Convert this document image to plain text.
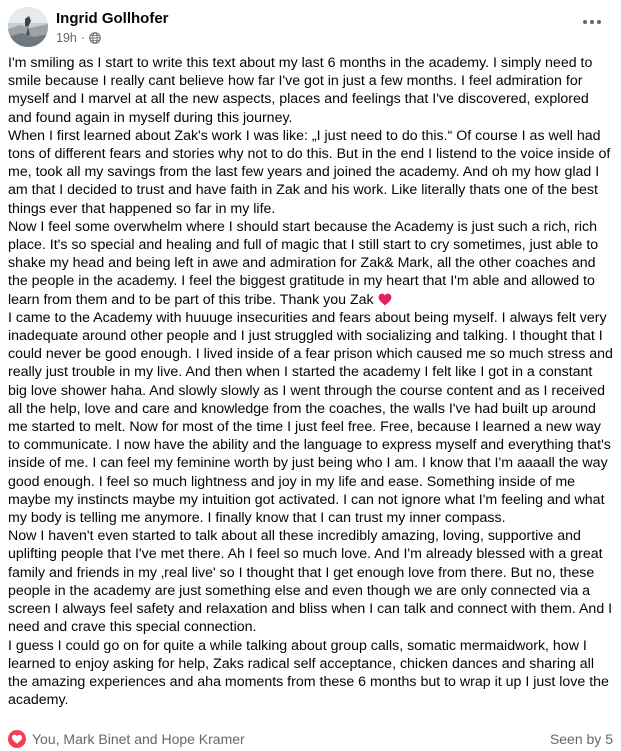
Ingrid Gollhofer
19h ·

I'm smiling as I start to write this text about my last 6 months in the academy. I simply need to smile because I really cant believe how far I've got in just a few months. I feel admiration for myself and I marvel at all the new aspects, places and feelings that I've discovered, explored and found again in myself during this journey.

When I first learned about Zak's work I was like: „I just need to do this.“ Of course I as well had tons of different fears and stories why not to do this. But in the end I listend to the voice inside of me, took all my savings from the last few years and joined the academy. And oh my how glad I am that I decided to trust and have faith in Zak and his work. Like literally thats one of the best things ever that happened so far in my life.

Now I feel some overwhelm where I should start because the Academy is just such a rich, rich place. It's so special and healing and full of magic that I still start to cry sometimes, just able to shake my head and being left in awe and admiration for Zak& Mark, all the other coaches and the people in the academy. I feel the biggest gratitude in my heart that I'm able and allowed to learn from them and to be part of this tribe. Thank you Zak

I came to the Academy with huuuge insecurities and fears about being myself. I always felt very inadequate around other people and I just struggled with socializing and talking. I thought that I could never be good enough. I lived inside of a fear prison which caused me so much stress and really just trouble in my live. And then when I started the academy I felt like I got in a constant big love shower haha. And slowly slowly as I went through the course content and as I received all the help, love and care and knowledge from the coaches, the walls I've had built up around me started to melt. Now for most of the time I just feel free. Free, because I learned a new way to communicate. I now have the ability and the language to express myself and everything that's inside of me. I can feel my feminine worth by just being who I am. I know that I'm aaaall the way good enough. I feel so much lightness and joy in my life and ease. Something inside of me maybe my instincts maybe my intuition got activated. I can not ignore what I'm feeling and what my body is telling me anymore. I finally know that I can trust my inner compass.

Now I haven't even started to talk about all these incredibly amazing, loving, supportive and uplifting people that I've met there. Ah I feel so much love. And I'm already blessed with a great family and friends in my ‚real live' so I thought that I get enough love from there. But no, these people in the academy are just something else and even though we are only connected via a screen I always feel safety and relaxation and bliss when I can talk and connect with them. And I need and crave this special connection.

I guess I could go on for quite a while talking about group calls, somatic mermaidwork, how I learned to enjoy asking for help, Zaks radical self acceptance, chicken dances and sharing all the amazing experiences and aha moments from these 6 months but to wrap it up I just love the academy.

You, Mark Binet and Hope Kramer	Seen by 5
